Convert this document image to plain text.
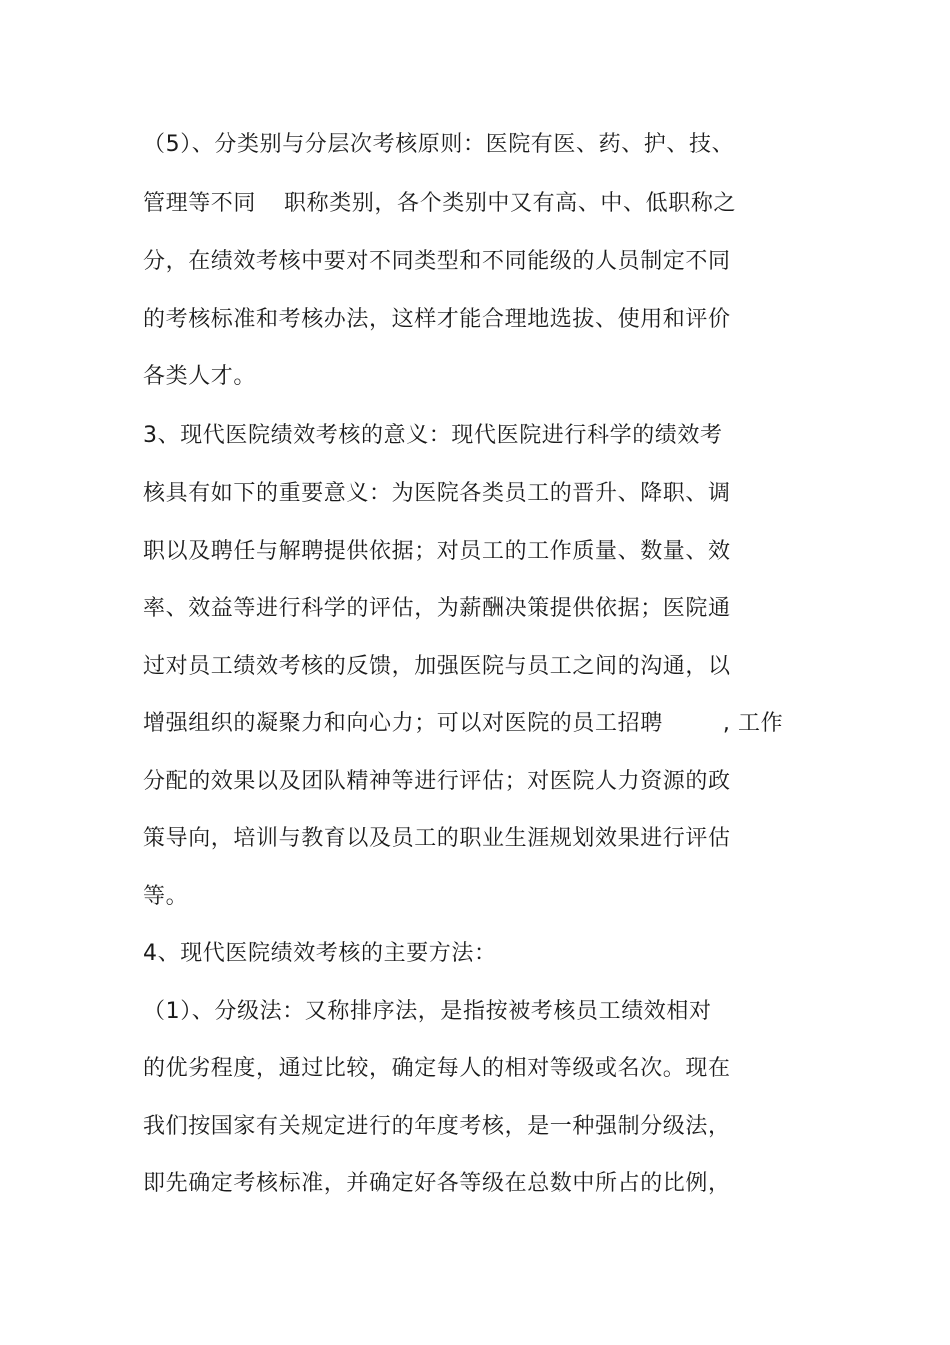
（5）、分类别与分层次考核原则：医院有医、药、护、技、
管理等不同 职称类别，各个类别中又有高、中、低职称之
分，在绩效考核中要对不同类型和不同能级的人员制定不同
的考核标准和考核办法，这样才能合理地选拔、使用和评价
各类人才。
3、现代医院绩效考核的意义：现代医院进行科学的绩效考
核具有如下的重要意义：为医院各类员工的晋升、降职、调
职以及聘任与解聘提供依据；对员工的工作质量、数量、效
率、效益等进行科学的评估，为薪酬决策提供依据；医院通
过对员工绩效考核的反馈，加强医院与员工之间的沟通，以
增强组织的凝聚力和向心力；可以对医院的员工招聘	, 工作
分配的效果以及团队精神等进行评估；对医院人力资源的政
策导向，培训与教育以及员工的职业生涯规划效果进行评估
等。
4、现代医院绩效考核的主要方法：
（1）、分级法：又称排序法，是指按被考核员工绩效相对
的优劣程度，通过比较，确定每人的相对等级或名次。现在
我们按国家有关规定进行的年度考核，是一种强制分级法，
即先确定考核标准，并确定好各等级在总数中所占的比例，
